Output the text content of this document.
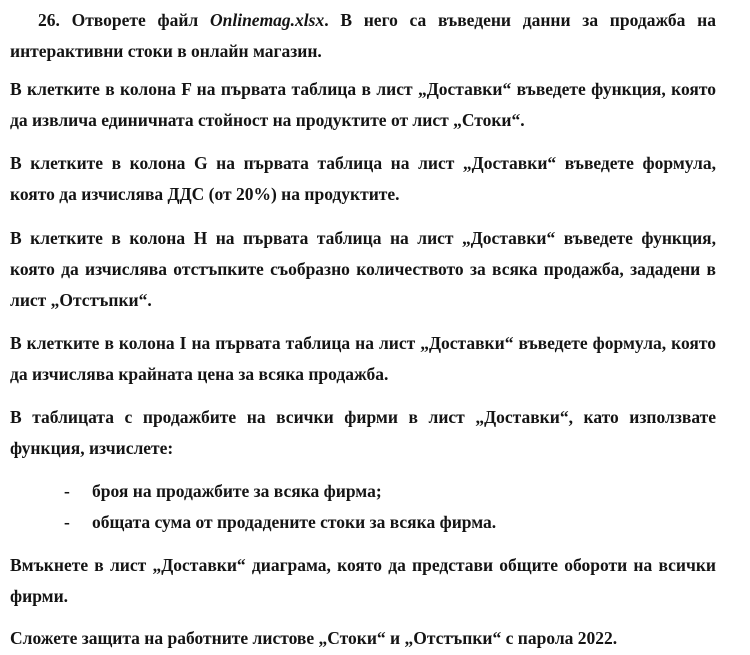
26. Отворете файл Onlinemag.xlsx. В него са въведени данни за продажба на
интерактивни стоки в онлайн магазин.
В клетките в колона F на първата таблица в лист „Доставки“ въведете функция, която
да извлича единичната стойност на продуктите от лист „Стоки“.
В клетките в колона G на първата таблица на лист „Доставки“ въведете формула,
която да изчислява ДДС (от 20%) на продуктите.
В клетките в колона H на първата таблица на лист „Доставки“ въведете функция,
която да изчислява отстъпките съобразно количеството за всяка продажба, зададени в
лист „Отстъпки“.
В клетките в колона I на първата таблица на лист „Доставки“ въведете формула, която
да изчислява крайната цена за всяка продажба.
В таблицата с продажбите на всички фирми в лист „Доставки“, като използвате
функция, изчислете:
- броя на продажбите за всяка фирма;
- общата сума от продадените стоки за всяка фирма.
Вмъкнете в лист „Доставки“ диаграма, която да представи общите обороти на всички
фирми.
Сложете защита на работните листове „Стоки“ и „Отстъпки“ с парола 2022.
